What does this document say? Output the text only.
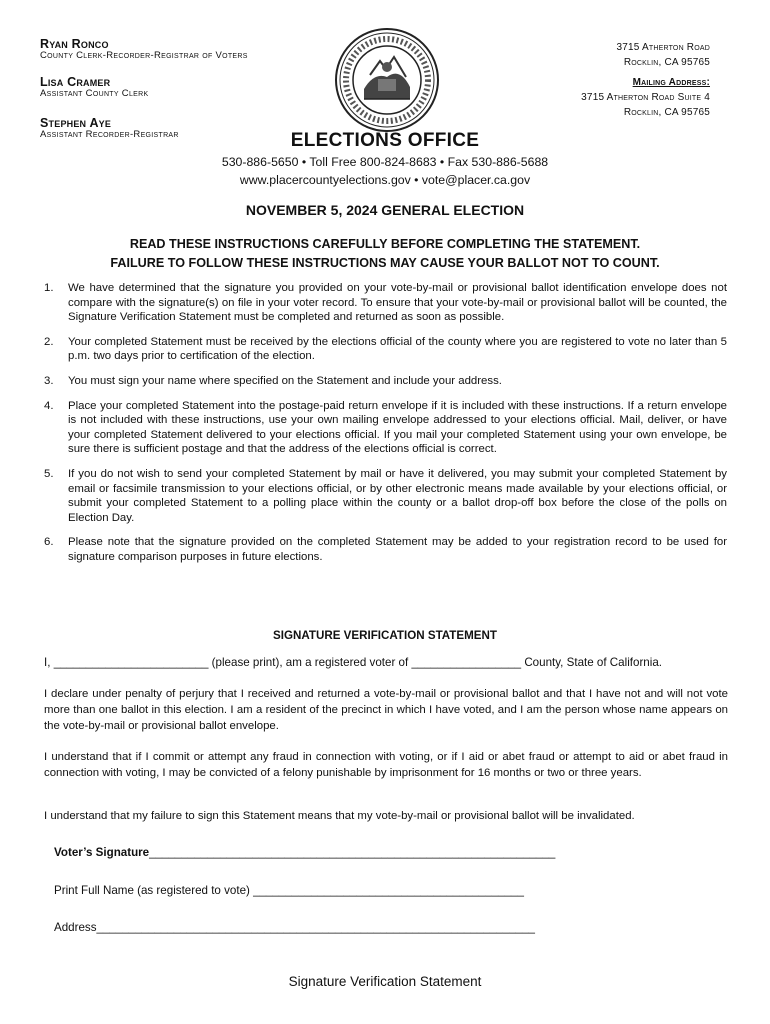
Ryan Ronco
County Clerk-Recorder-Registrar of Voters
Lisa Cramer
Assistant County Clerk
Stephen Aye
Assistant Recorder-Registrar
3715 Atherton Road
Rocklin, CA 95765
Mailing Address:
3715 Atherton Road Suite 4
Rocklin, CA 95765
ELECTIONS OFFICE
530-886-5650 • Toll Free 800-824-8683 • Fax 530-886-5688
www.placercountyelections.gov • vote@placer.ca.gov
NOVEMBER 5, 2024 GENERAL ELECTION
READ THESE INSTRUCTIONS CAREFULLY BEFORE COMPLETING THE STATEMENT.
FAILURE TO FOLLOW THESE INSTRUCTIONS MAY CAUSE YOUR BALLOT NOT TO COUNT.
1. We have determined that the signature you provided on your vote-by-mail or provisional ballot identification envelope does not compare with the signature(s) on file in your voter record. To ensure that your vote-by-mail or provisional ballot will be counted, the Signature Verification Statement must be completed and returned as soon as possible.
2. Your completed Statement must be received by the elections official of the county where you are registered to vote no later than 5 p.m. two days prior to certification of the election.
3. You must sign your name where specified on the Statement and include your address.
4. Place your completed Statement into the postage-paid return envelope if it is included with these instructions. If a return envelope is not included with these instructions, use your own mailing envelope addressed to your elections official. Mail, deliver, or have your completed Statement delivered to your elections official. If you mail your completed Statement using your own envelope, be sure there is sufficient postage and that the address of the elections official is correct.
5. If you do not wish to send your completed Statement by mail or have it delivered, you may submit your completed Statement by email or facsimile transmission to your elections official, or by other electronic means made available by your elections official, or submit your completed Statement to a polling place within the county or a ballot drop-off box before the close of the polls on Election Day.
6. Please note that the signature provided on the completed Statement may be added to your registration record to be used for signature comparison purposes in future elections.
SIGNATURE VERIFICATION STATEMENT
I, ________________________ (please print), am a registered voter of _________________ County, State of California.
I declare under penalty of perjury that I received and returned a vote-by-mail or provisional ballot and that I have not and will not vote more than one ballot in this election. I am a resident of the precinct in which I have voted, and I am the person whose name appears on the vote-by-mail or provisional ballot envelope.
I understand that if I commit or attempt any fraud in connection with voting, or if I aid or abet fraud or attempt to aid or abet fraud in connection with voting, I may be convicted of a felony punishable by imprisonment for 16 months or two or three years.
I understand that my failure to sign this Statement means that my vote-by-mail or provisional ballot will be invalidated.
Voter’s Signature_______________________________________________________________
Print Full Name (as registered to vote) __________________________________________
Address____________________________________________________________________
Signature Verification Statement
